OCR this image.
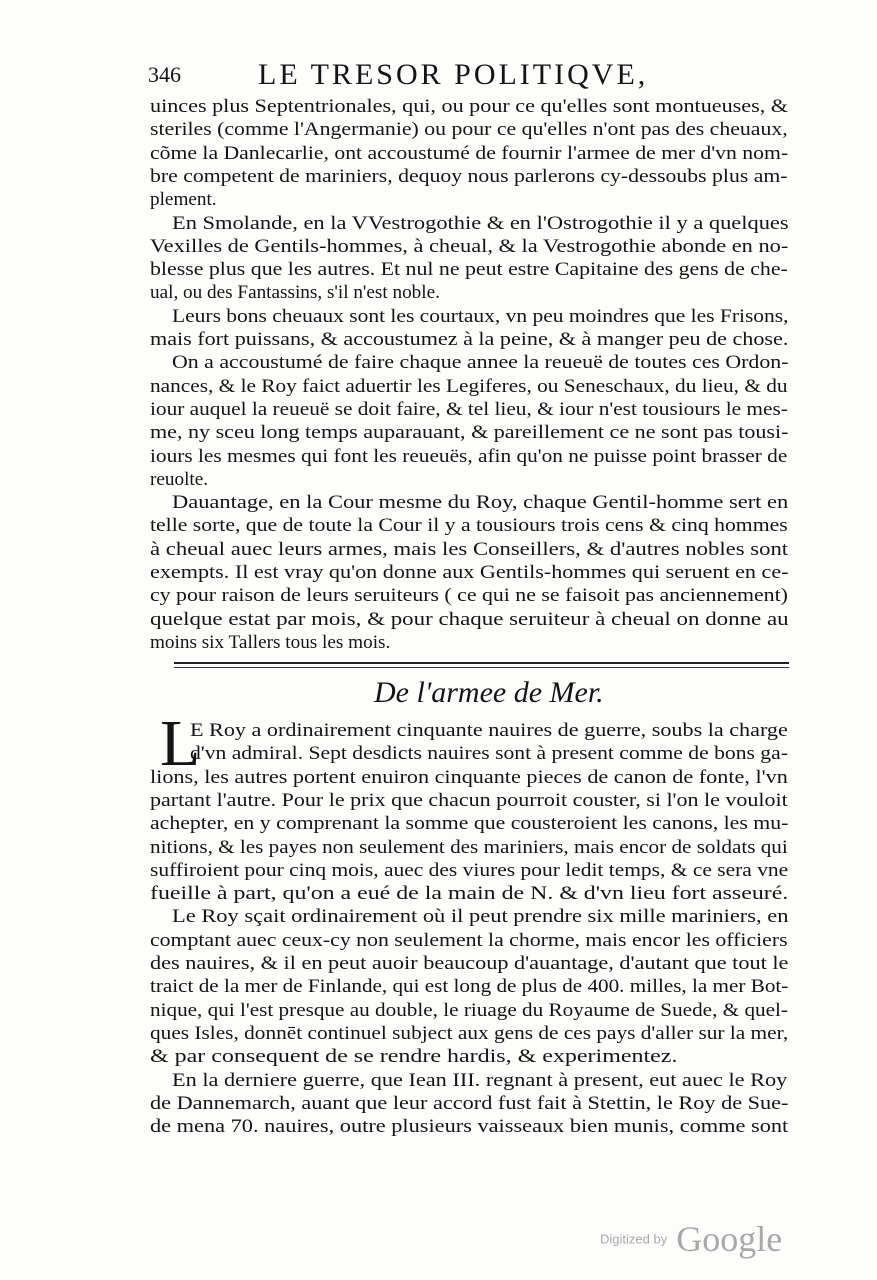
346	LE TRESOR POLITIQVE,
uinces plus Septentrionales, qui, ou pour ce qu'elles sont montueuses, &
steriles (comme l'Angermanie) ou pour ce qu'elles n'ont pas des cheuaux,
cõme la Danlecarlie, ont accoustumé de fournir l'armee de mer d'vn nom-
bre competent de mariniers, dequoy nous parlerons cy-dessoubs plus am-
plement.
En Smolande, en la VVestrogothie & en l'Ostrogothie il y a quelques
Vexilles de Gentils-hommes, à cheual, & la Vestrogothie abonde en no-
blesse plus que les autres. Et nul ne peut estre Capitaine des gens de che-
ual, ou des Fantassins, s'il n'est noble.
Leurs bons cheuaux sont les courtaux, vn peu moindres que les Frisons,
mais fort puissans, & accoustumez à la peine, & à manger peu de chose.
On a accoustumé de faire chaque annee la reueuë de toutes ces Ordon-
nances, & le Roy faict aduertir les Legiferes, ou Seneschaux, du lieu, & du
iour auquel la reueuë se doit faire, & tel lieu, & iour n'est tousiours le mes-
me, ny sceu long temps auparauant, & pareillement ce ne sont pas tousi-
iours les mesmes qui font les reueuës, afin qu'on ne puisse point brasser de
reuolte.
Dauantage, en la Cour mesme du Roy, chaque Gentil-homme sert en
telle sorte, que de toute la Cour il y a tousiours trois cens & cinq hommes
à cheual auec leurs armes, mais les Conseillers, & d'autres nobles sont
exempts. Il est vray qu'on donne aux Gentils-hommes qui seruent en ce-
cy pour raison de leurs seruiteurs ( ce qui ne se faisoit pas anciennement)
quelque estat par mois, & pour chaque seruiteur à cheual on donne au
moins six Tallers tous les mois.
De l'armee de Mer.
L
E Roy a ordinairement cinquante nauires de guerre, soubs la charge
d'vn admiral. Sept desdicts nauires sont à present comme de bons ga-
lions, les autres portent enuiron cinquante pieces de canon de fonte, l'vn
partant l'autre. Pour le prix que chacun pourroit couster, si l'on le vouloit
achepter, en y comprenant la somme que cousteroient les canons, les mu-
nitions, & les payes non seulement des mariniers, mais encor de soldats qui
suffiroient pour cinq mois, auec des viures pour ledit temps, & ce sera vne
fueille à part, qu'on a eué de la main de N. & d'vn lieu fort asseuré.
Le Roy sçait ordinairement où il peut prendre six mille mariniers, en
comptant auec ceux-cy non seulement la chorme, mais encor les officiers
des nauires, & il en peut auoir beaucoup d'auantage, d'autant que tout le
traict de la mer de Finlande, qui est long de plus de 400. milles, la mer Bot-
nique, qui l'est presque au double, le riuage du Royaume de Suede, & quel-
ques Isles, donnēt continuel subject aux gens de ces pays d'aller sur la mer,
& par consequent de se rendre hardis, & experimentez.
En la derniere guerre, que Iean III. regnant à present, eut auec le Roy
de Dannemarch, auant que leur accord fust fait à Stettin, le Roy de Sue-
de mena 70. nauires, outre plusieurs vaisseaux bien munis, comme sont
Digitized by Google
